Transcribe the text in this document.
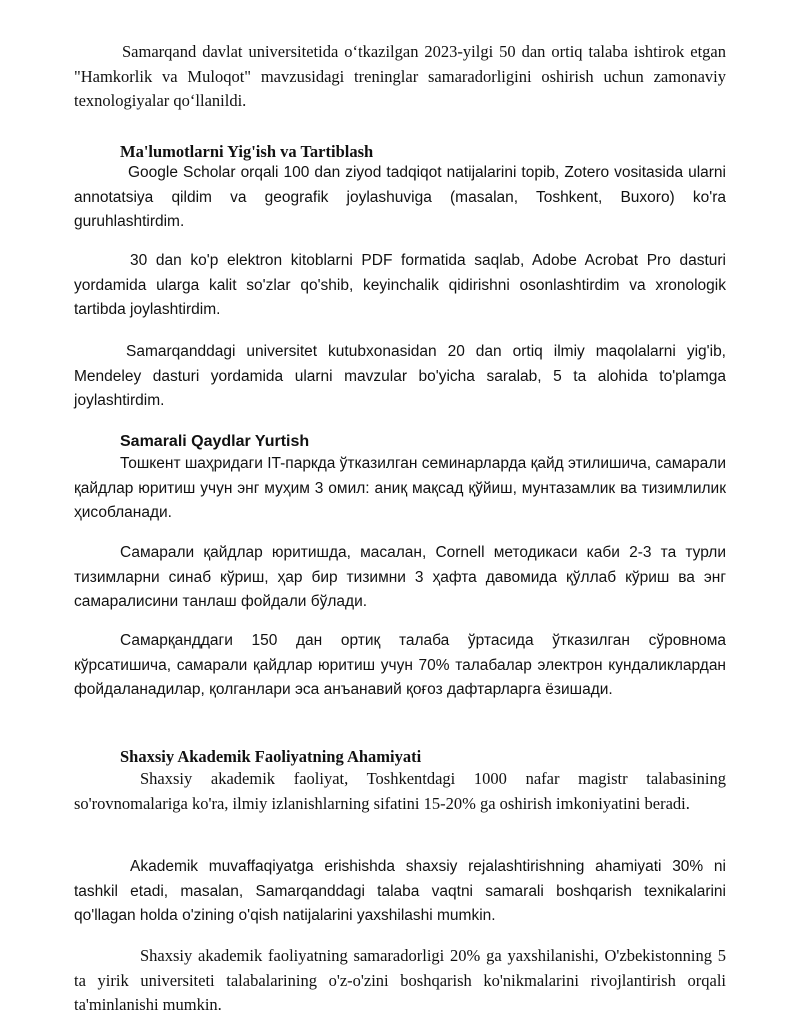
Samarqand davlat universitetida o‘tkazilgan 2023-yilgi 50 dan ortiq talaba ishtirok etgan "Hamkorlik va Muloqot" mavzusidagi treninglar samaradorligini oshirish uchun zamonaviy texnologiyalar qo‘llanildi.

Ma'lumotlarni Yig'ish va Tartiblash

Google Scholar orqali 100 dan ziyod tadqiqot natijalarini topib, Zotero vositasida ularni annotatsiya qildim va geografik joylashuviga (masalan, Toshkent, Buxoro) ko'ra guruhlashtirdim.

30 dan ko'p elektron kitoblarni PDF formatida saqlab, Adobe Acrobat Pro dasturi yordamida ularga kalit so'zlar qo'shib, keyinchalik qidirishni osonlashtirdim va xronologik tartibda joylashtirdim.

Samarqanddagi universitet kutubxonasidan 20 dan ortiq ilmiy maqolalarni yig'ib, Mendeley dasturi yordamida ularni mavzular bo'yicha saralab, 5 ta alohida to'plamga joylashtirdim.

Samarali Qaydlar Yurtish

Тошкент шаҳридаги IT-паркда ўтказилган семинарларда қайд этилишича, самарали қайдлар юритиш учун энг муҳим 3 омил: аниқ мақсад қўйиш, мунтазамлик ва тизимлилик ҳисобланади.

Самарали қайдлар юритишда, масалан, Cornell методикаси каби 2-3 та турли тизимларни синаб кўриш, ҳар бир тизимни 3 ҳафта давомида қўллаб кўриш ва энг самаралисини танлаш фойдали бўлади.

Самарқанддаги 150 дан ортиқ талаба ўртасида ўтказилган сўровнома кўрсатишича, самарали қайдлар юритиш учун 70% талабалар электрон кундаликлардан фойдаланадилар, қолганлари эса анъанавий қоғоз дафтарларга ёзишади.

Shaxsiy Akademik Faoliyatning Ahamiyati

Shaxsiy akademik faoliyat, Toshkentdagi 1000 nafar magistr talabasining so'rovnomalariga ko'ra, ilmiy izlanishlarning sifatini 15-20% ga oshirish imkoniyatini beradi.

Akademik muvaffaqiyatga erishishda shaxsiy rejalashtirishning ahamiyati 30% ni tashkil etadi, masalan, Samarqanddagi talaba vaqtni samarali boshqarish texnikalarini qo'llagan holda o'zining o'qish natijalarini yaxshilashi mumkin.

Shaxsiy akademik faoliyatning samaradorligi 20% ga yaxshilanishi, O'zbekistonning 5 ta yirik universiteti talabalarining o'z-o'zini boshqarish ko'nikmalarini rivojlantirish orqali ta'minlanishi mumkin.
